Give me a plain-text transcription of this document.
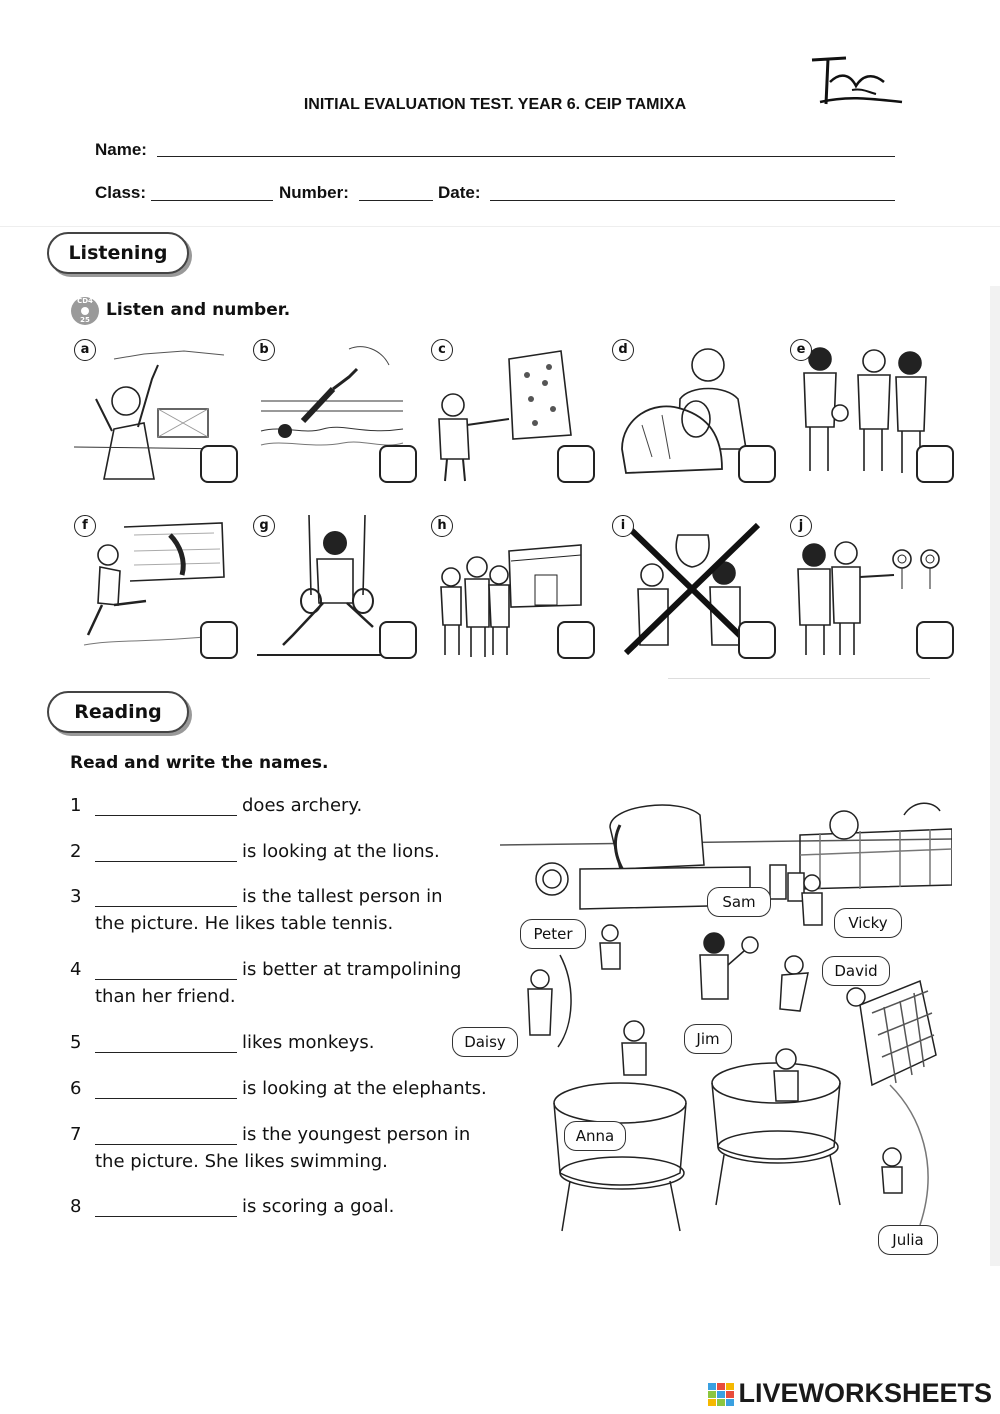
INITIAL EVALUATION TEST. YEAR 6. CEIP TAMIXA
Name:
Class:	Number:	Date:
Listening
CD4
25 Listen and number.
a	b	c	d	e
f	g	h	i	j
Reading
Read and write the names.
1	does archery.
2	is looking at the lions.
3	is the tallest person in
the picture. He likes table tennis.
4	is better at trampolining
than her friend.
5	likes monkeys.
6	is looking at the elephants.
7	is the youngest person in
the picture. She likes swimming.
8	is scoring a goal.
Sam
Vicky
Peter
David
Jim
Anna
Julia
Daisy
LIVEWORKSHEETS
